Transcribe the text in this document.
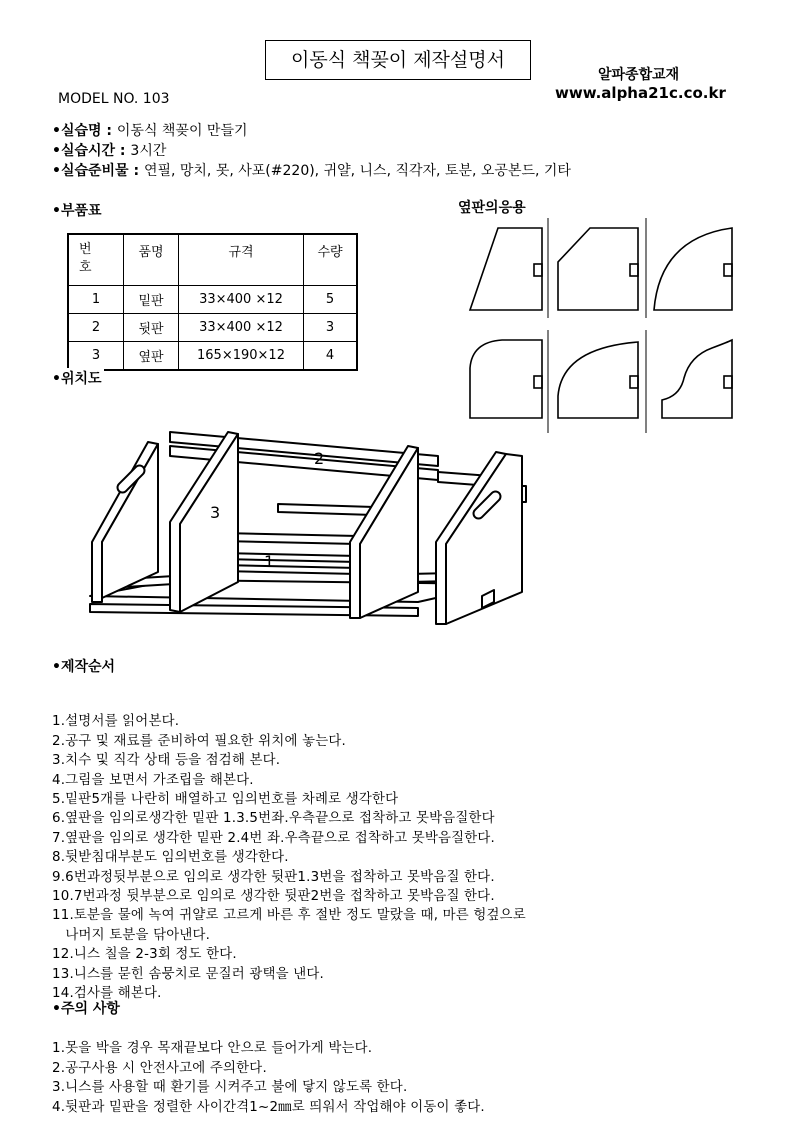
이동식 책꽂이 제작설명서
알파종합교재
www.alpha21c.co.kr
MODEL NO. 103
•실습명 : 이동식 책꽂이 만들기
•실습시간 : 3시간
•실습준비물 : 연필, 망치, 못, 사포(#220), 귀얄, 니스, 직각자, 토분, 오공본드, 기타
•부품표
번
호	품명	규격	수량
1	밑판	33×400 ×12	5
2	뒷판	33×400 ×12	3
3	옆판	165×190×12	4
옆판의응용
•위치도
2
3
1
•제작순서

1.설명서를 읽어본다.
2.공구 및 재료를 준비하여 필요한 위치에 놓는다.
3.치수 및 직각 상태 등을 점검해 본다.
4.그림을 보면서 가조립을 해본다.
5.밑판5개를 나란히 배열하고 임의번호를 차례로 생각한다
6.옆판을 임의로생각한 밑판 1.3.5번좌.우측끝으로 접착하고 못박음질한다
7.옆판을 임의로 생각한 밑판 2.4번 좌.우측끝으로 접착하고 못박음질한다.
8.뒷받침대부분도 임의번호를 생각한다.
9.6번과정뒷부분으로 임의로 생각한 뒷판1.3번을 접착하고 못박음질 한다.
10.7번과정 뒷부분으로 임의로 생각한 뒷판2번을 접착하고 못박음질 한다.
11.토분을 물에 녹여 귀얄로 고르게 바른 후 절반 정도 말랐을 때, 마른 헝겊으로
나머지 토분을 닦아낸다.
12.니스 칠을 2-3회 정도 한다.
13.니스를 묻힌 솜뭉치로 문질러 광택을 낸다.
14.검사를 해본다.

•주의 사항

1.못을 박을 경우 목재끝보다 안으로 들어가게 박는다.
2.공구사용 시 안전사고에 주의한다.
3.니스를 사용할 때 환기를 시켜주고 불에 닿지 않도록 한다.
4.뒷판과 밑판을 정렬한 사이간격1~2㎜로 띄워서 작업해야 이동이 좋다.
